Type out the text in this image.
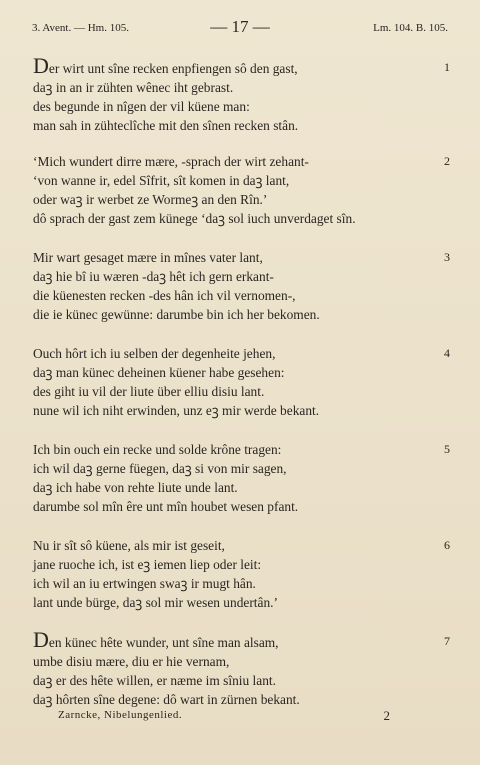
3. Avent. — Hm. 105.	— 17 —	Lm. 104. B. 105.
Der wirt unt sîne recken enpfiengen sô den gast,	1
daꝫ in an ir zühten wênec iht gebrast.
des begunde in nîgen der vil küene man:
man sah in zühteclîche mit den sînen recken stân.
‘Mich wundert dirre mære, -sprach der wirt zehant-	2
‘von wanne ir, edel Sîfrit, sît komen in daꝫ lant,
oder waꝫ ir werbet ze Wormeꝫ an den Rîn.’
dô sprach der gast zem künege ‘daꝫ sol iuch unverdaget sîn.
Mir wart gesaget mære in mînes vater lant,	3
daꝫ hie bî iu wæren -daꝫ hêt ich gern erkant-
die küenesten recken -des hân ich vil vernomen-,
die ie künec gewünne: darumbe bin ich her bekomen.
Ouch hôrt ich iu selben der degenheite jehen,	4
daꝫ man künec deheinen küener habe gesehen:
des giht iu vil der liute über elliu disiu lant.
nune wil ich niht erwinden, unz eꝫ mir werde bekant.
Ich bin ouch ein recke und solde krône tragen:	5
ich wil daꝫ gerne füegen, daꝫ si von mir sagen,
daꝫ ich habe von rehte liute unde lant.
darumbe sol mîn êre unt mîn houbet wesen pfant.
Nu ir sît sô küene, als mir ist geseit,	6
jane ruoche ich, ist eꝫ iemen liep oder leit:
ich wil an iu ertwingen swaꝫ ir mugt hân.
lant unde bürge, daꝫ sol mir wesen undertân.’
Den künec hête wunder, unt sîne man alsam,	7
umbe disiu mære, diu er hie vernam,
daꝫ er des hête willen, er næme im sîniu lant.
daꝫ hôrten sîne degene: dô wart in zürnen bekant.
Zarncke, Nibelungenlied.	2
